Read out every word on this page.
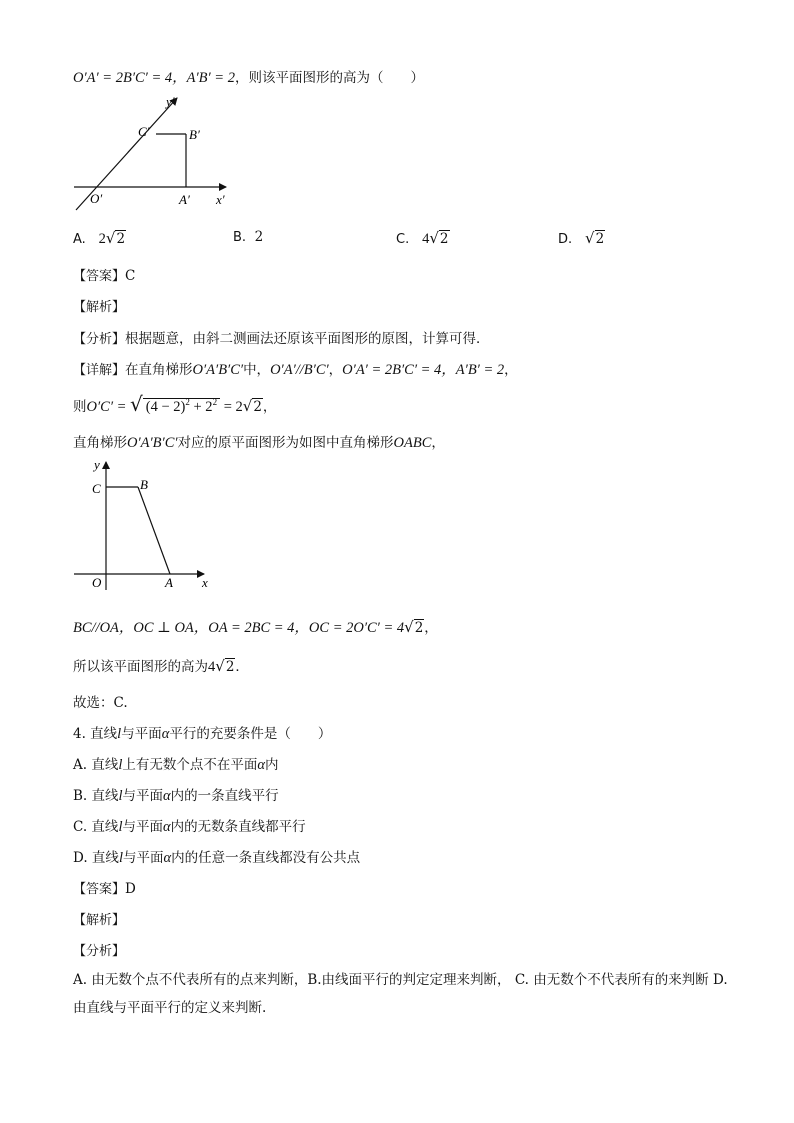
O′A′ = 2B′C′ = 4，A′B′ = 2，则该平面图形的高为（　　）
y′
x′
O′	A′
B′
C′
A. 2√2	B. 2	C. 4√2	D. √2
【答案】C
【解析】
【分析】根据题意，由斜二测画法还原该平面图形的原图，计算可得．
【详解】在直角梯形O′A′B′C′中，O′A′//B′C′，O′A′ = 2B′C′ = 4，A′B′ = 2，
则O′C′ = √ $(4 - 2)^2 + 2^2 = 2√2$，
直角梯形O′A′B′C′对应的原平面图形为如图中直角梯形OABC，
y
x
O	A
B
C
BC//OA，OC ⊥ OA，OA = 2BC = 4，OC = 2O′C′ = 4√2，
所以该平面图形的高为4√2．
故选：C.
4. 直线l与平面α平行的充要条件是（　　）
A. 直线l上有无数个点不在平面α内
B. 直线l与平面α内的一条直线平行
C. 直线l与平面α内的无数条直线都平行
D. 直线l与平面α内的任意一条直线都没有公共点
【答案】D
【解析】
【分析】
A. 由无数个点不代表所有的点来判断，B.由线面平行的判定定理来判断， C. 由无数个不代表所有的来判断 D. 由直线与平面平行的定义来判断.
